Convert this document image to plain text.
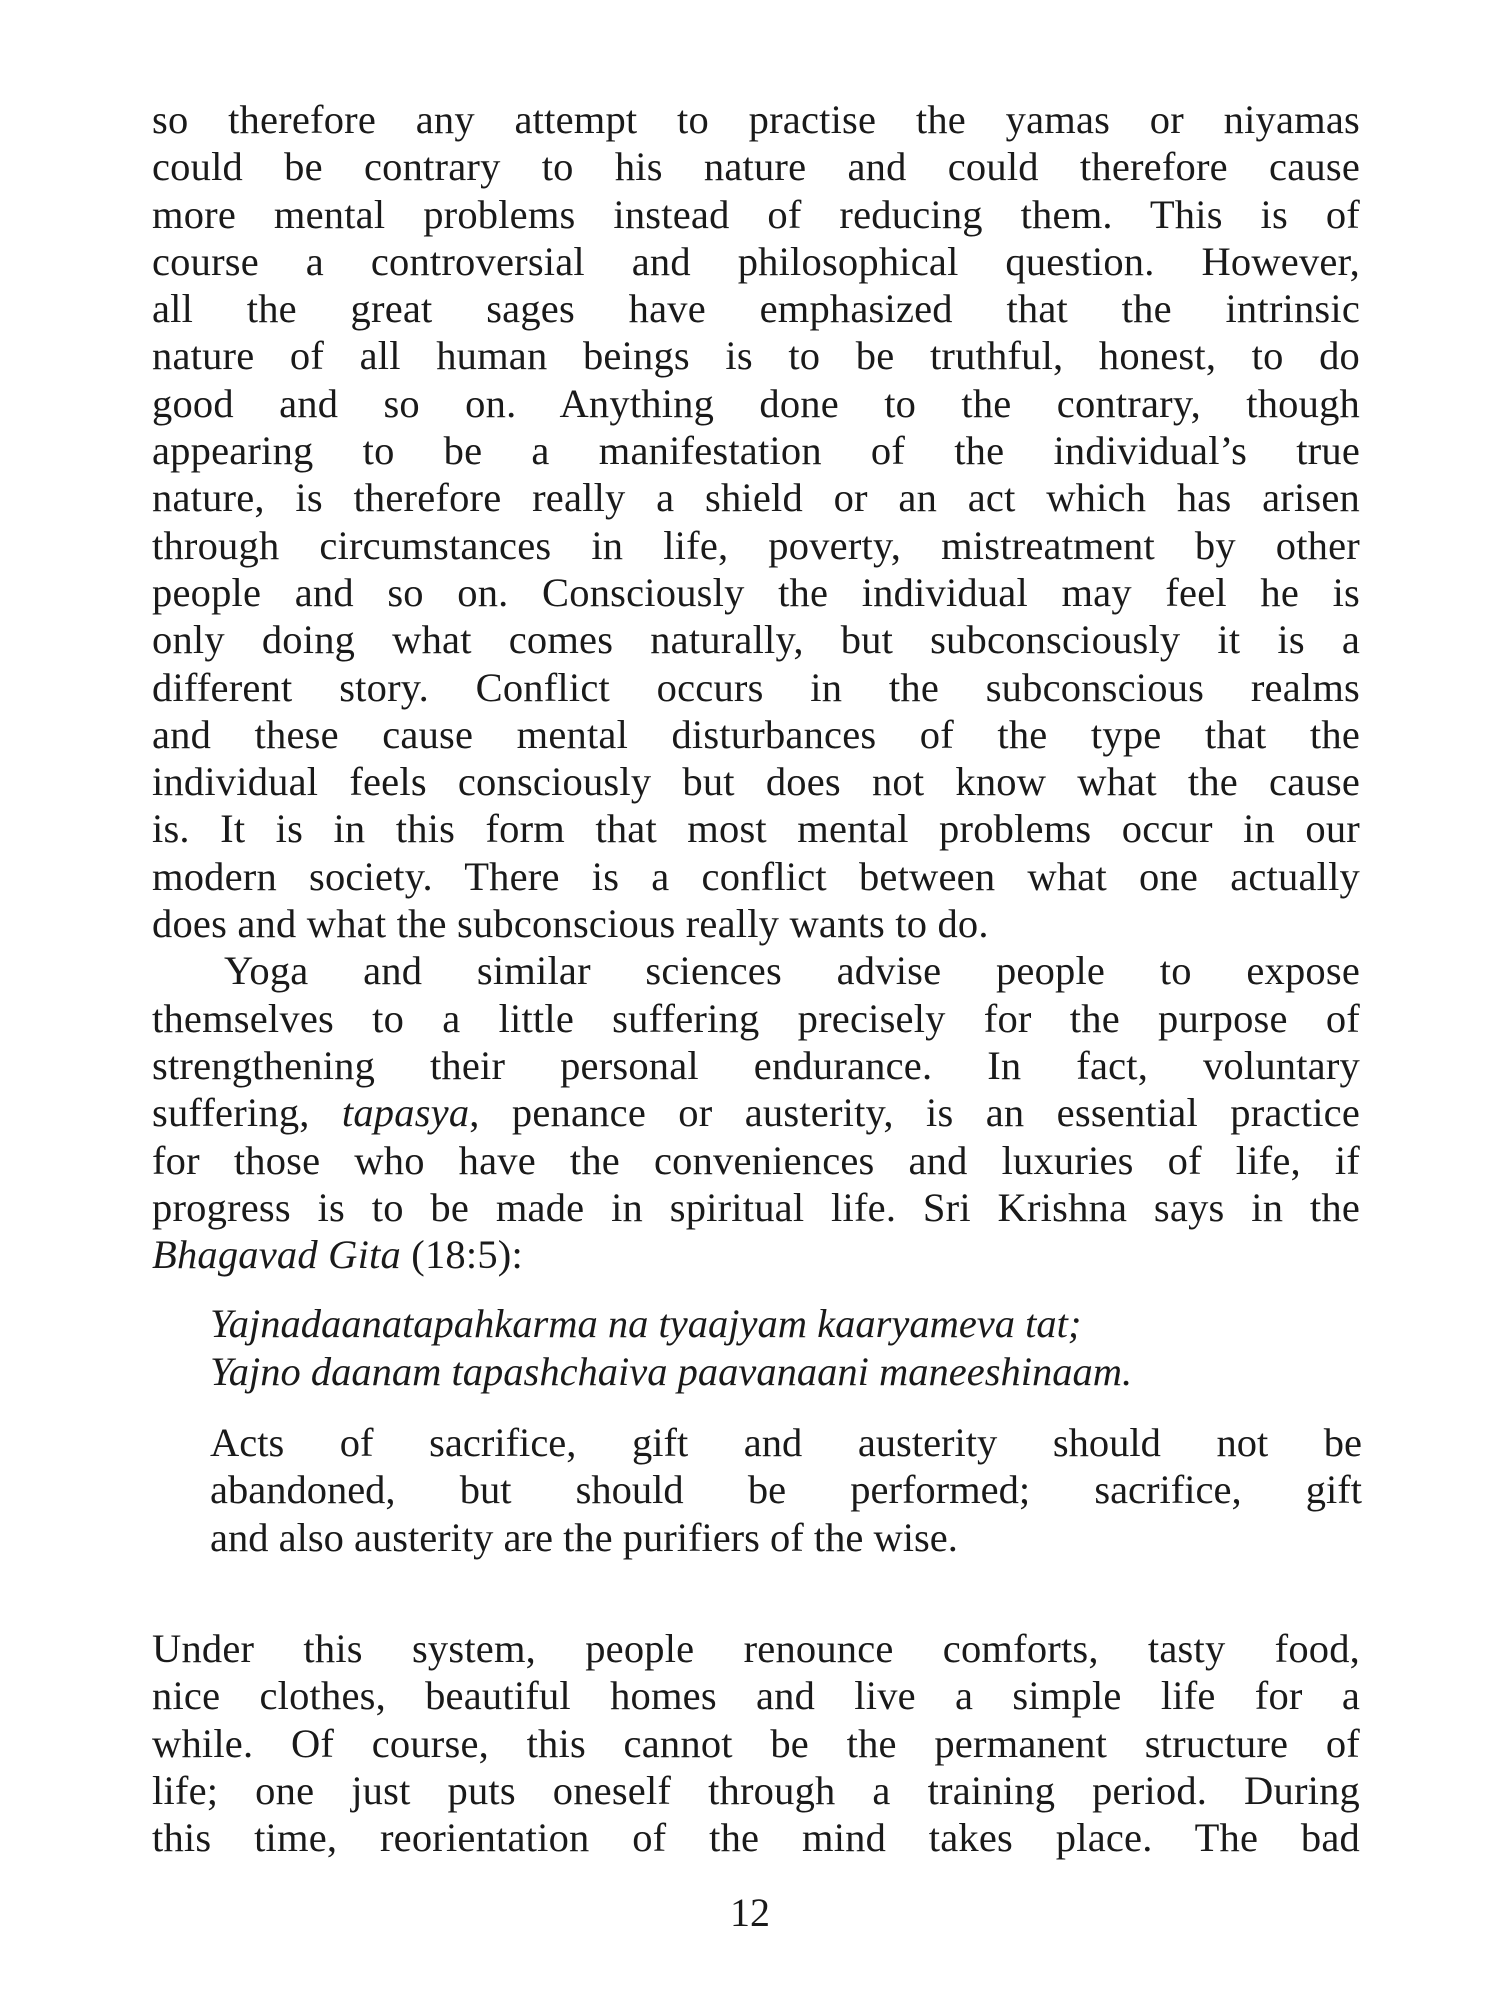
so therefore any attempt to practise the yamas or niyamas
could be contrary to his nature and could therefore cause
more mental problems instead of reducing them. This is of
course a controversial and philosophical question. However,
all the great sages have emphasized that the intrinsic
nature of all human beings is to be truthful, honest, to do
good and so on. Anything done to the contrary, though
appearing to be a manifestation of the individual’s true
nature, is therefore really a shield or an act which has arisen
through circumstances in life, poverty, mistreatment by other
people and so on. Consciously the individual may feel he is
only doing what comes naturally, but subconsciously it is a
different story. Conflict occurs in the subconscious realms
and these cause mental disturbances of the type that the
individual feels consciously but does not know what the cause
is. It is in this form that most mental problems occur in our
modern society. There is a conflict between what one actually
does and what the subconscious really wants to do.
Yoga and similar sciences advise people to expose
themselves to a little suffering precisely for the purpose of
strengthening their personal endurance. In fact, voluntary
suffering, tapasya, penance or austerity, is an essential practice
for those who have the conveniences and luxuries of life, if
progress is to be made in spiritual life. Sri Krishna says in the
Bhagavad Gita (18:5):
Yajnadaanatapahkarma na tyaajyam kaaryameva tat;
Yajno daanam tapashchaiva paavanaani maneeshinaam.
Acts of sacrifice, gift and austerity should not be
abandoned, but should be performed; sacrifice, gift
and also austerity are the purifiers of the wise.
Under this system, people renounce comforts, tasty food,
nice clothes, beautiful homes and live a simple life for a
while. Of course, this cannot be the permanent structure of
life; one just puts oneself through a training period. During
this time, reorientation of the mind takes place. The bad
12
